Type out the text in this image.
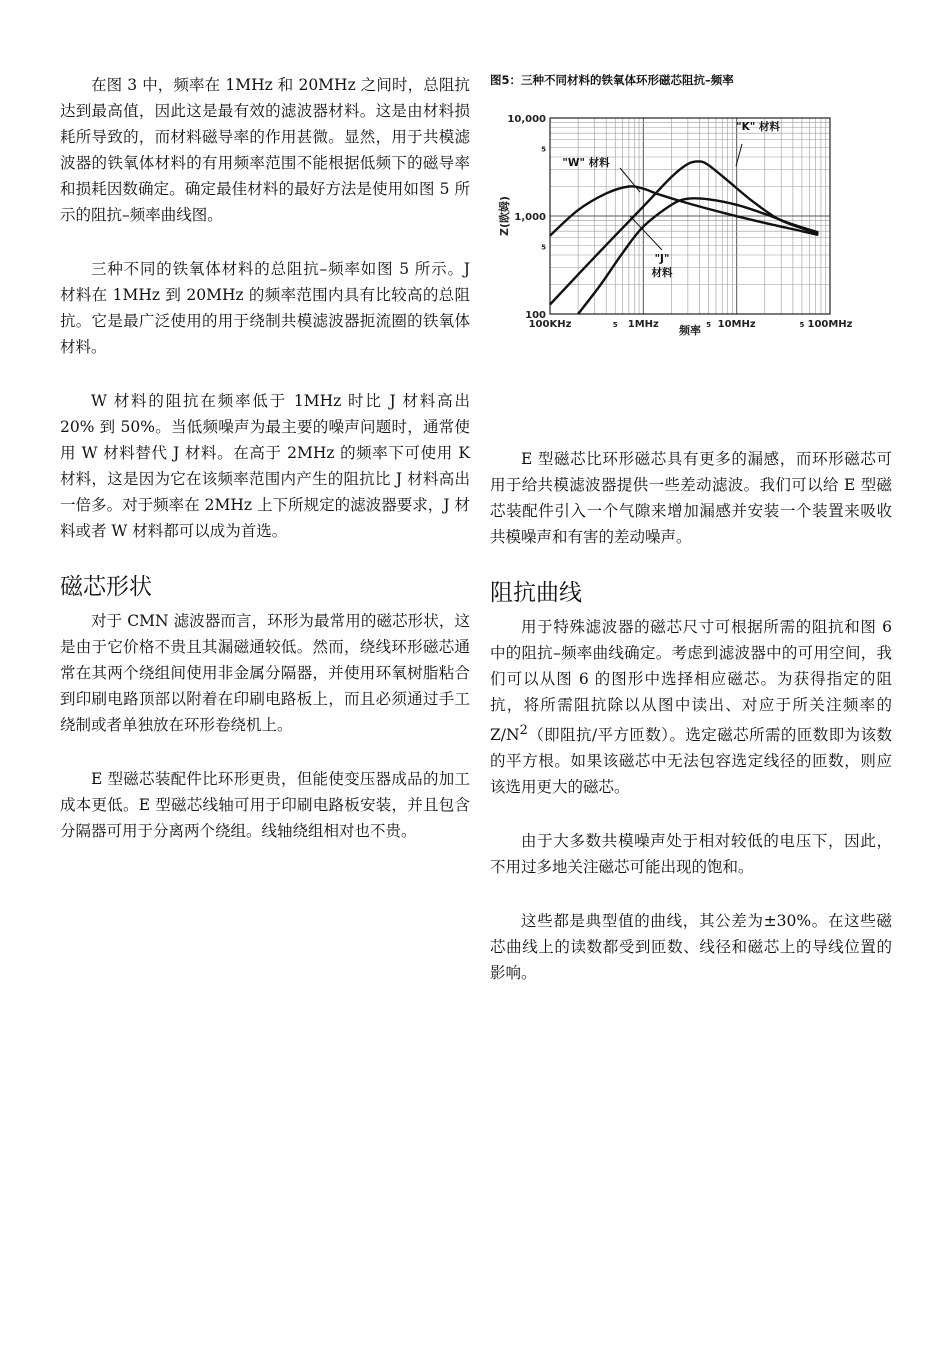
在图 3 中，频率在 1MHz 和 20MHz 之间时，总阻抗达到最高值，因此这是最有效的滤波器材料。这是由材料损耗所导致的，而材料磁导率的作用甚微。显然，用于共模滤波器的铁氧体材料的有用频率范围不能根据低频下的磁导率和损耗因数确定。确定最佳材料的最好方法是使用如图 5 所示的阻抗–频率曲线图。

三种不同的铁氧体材料的总阻抗–频率如图 5 所示。J 材料在 1MHz 到 20MHz 的频率范围内具有比较高的总阻抗。它是最广泛使用的用于绕制共模滤波器扼流圈的铁氧体材料。

W 材料的阻抗在频率低于 1MHz 时比 J 材料高出 20% 到 50%。当低频噪声为最主要的噪声问题时，通常使用 W 材料替代 J 材料。在高于 2MHz 的频率下可使用 K 材料，这是因为它在该频率范围内产生的阻抗比 J 材料高出一倍多。对于频率在 2MHz 上下所规定的滤波器要求，J 材料或者 W 材料都可以成为首选。

磁芯形状

对于 CMN 滤波器而言，环形为最常用的磁芯形状，这是由于它价格不贵且其漏磁通较低。然而，绕线环形磁芯通常在其两个绕组间使用非金属分隔器，并使用环氧树脂粘合到印刷电路顶部以附着在印刷电路板上，而且必须通过手工绕制或者单独放在环形卷绕机上。

E 型磁芯装配件比环形更贵，但能使变压器成品的加工成本更低。E 型磁芯线轴可用于印刷电路板安装，并且包含分隔器可用于分离两个绕组。线轴绕组相对也不贵。

图5：三种不同材料的铁氧体环形磁芯阻抗–频率
100KHz	5 1MHz	5 10MHz	5 100MHz
100
5
1,000
5
10,000
频率
Z(欧姆)
"K" 材料
"W" 材料
"J"
材料

E 型磁芯比环形磁芯具有更多的漏感，而环形磁芯可用于给共模滤波器提供一些差动滤波。我们可以给 E 型磁芯装配件引入一个气隙来增加漏感并安装一个装置来吸收共模噪声和有害的差动噪声。

阻抗曲线

用于特殊滤波器的磁芯尺寸可根据所需的阻抗和图 6 中的阻抗–频率曲线确定。考虑到滤波器中的可用空间，我们可以从图 6 的图形中选择相应磁芯。为获得指定的阻抗，将所需阻抗除以从图中读出、对应于所关注频率的 $Z/N^2$（即阻抗/平方匝数）。选定磁芯所需的匝数即为该数的平方根。如果该磁芯中无法包容选定线径的匝数，则应该选用更大的磁芯。

由于大多数共模噪声处于相对较低的电压下，因此，不用过多地关注磁芯可能出现的饱和。

这些都是典型值的曲线，其公差为±30%。在这些磁芯曲线上的读数都受到匝数、线径和磁芯上的导线位置的影响。
